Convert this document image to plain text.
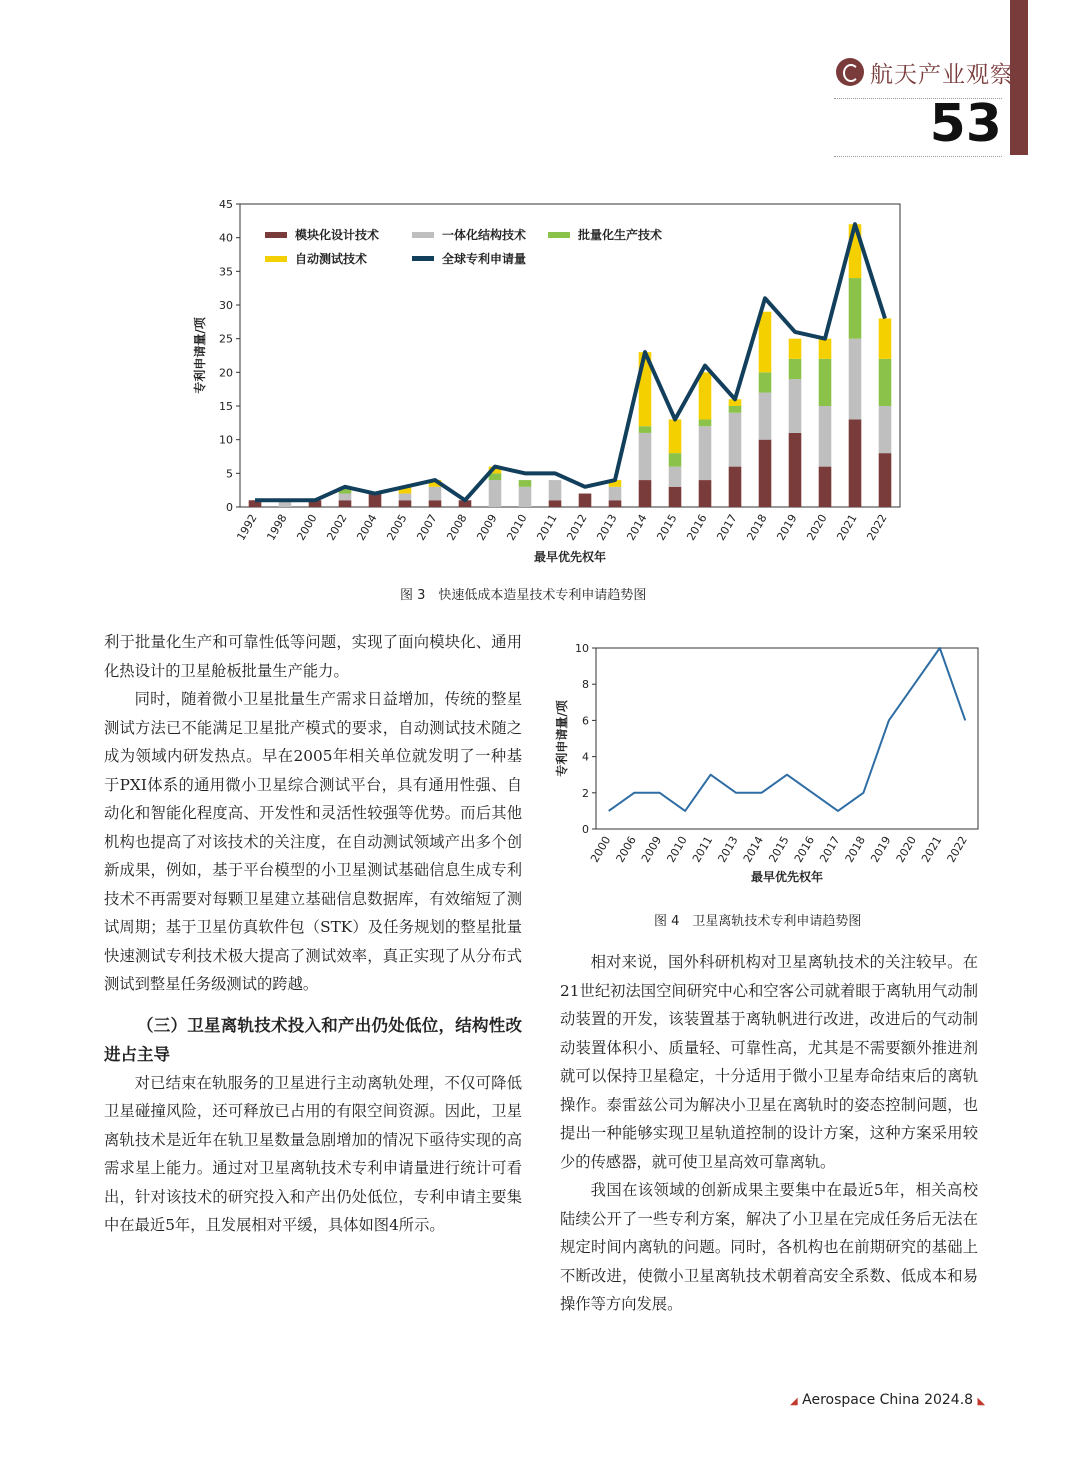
航天产业观察
53
0
5
10
15
20
25
30
35
40
45
1992 1998 2000 2002 2004 2005 2007 2008 2009 2010 2011 2012 2013 2014 2015 2016 2017 2018 2019 2020 2021 2022
最早优先权年
专利申请量/项
模块化设计技术	一体化结构技术	批量化生产技术
自动测试技术	全球专利申请量
图 3　快速低成本造星技术专利申请趋势图

利于批量化生产和可靠性低等问题，实现了面向模块化、通用化热设计的卫星舱板批量生产能力。

同时，随着微小卫星批量生产需求日益增加，传统的整星测试方法已不能满足卫星批产模式的要求，自动测试技术随之成为领域内研发热点。早在2005年相关单位就发明了一种基于PXI体系的通用微小卫星综合测试平台，具有通用性强、自动化和智能化程度高、开发性和灵活性较强等优势。而后其他机构也提高了对该技术的关注度，在自动测试领域产出多个创新成果，例如，基于平台模型的小卫星测试基础信息生成专利技术不再需要对每颗卫星建立基础信息数据库，有效缩短了测试周期；基于卫星仿真软件包（STK）及任务规划的整星批量快速测试专利技术极大提高了测试效率，真正实现了从分布式测试到整星任务级测试的跨越。

（三）卫星离轨技术投入和产出仍处低位，结构性改进占主导

对已结束在轨服务的卫星进行主动离轨处理，不仅可降低卫星碰撞风险，还可释放已占用的有限空间资源。因此，卫星离轨技术是近年在轨卫星数量急剧增加的情况下亟待实现的高需求星上能力。通过对卫星离轨技术专利申请量进行统计可看出，针对该技术的研究投入和产出仍处低位，专利申请主要集中在最近5年，且发展相对平缓，具体如图4所示。

0
2
4
6
8
10
2000 2006 2009 2010 2011 2013 2014 2015 2016 2017 2018 2019 2020 2021 2022
最早优先权年
专利申请量/项
图 4　卫星离轨技术专利申请趋势图

相对来说，国外科研机构对卫星离轨技术的关注较早。在21世纪初法国空间研究中心和空客公司就着眼于离轨用气动制动装置的开发，该装置基于离轨帆进行改进，改进后的气动制动装置体积小、质量轻、可靠性高，尤其是不需要额外推进剂就可以保持卫星稳定，十分适用于微小卫星寿命结束后的离轨操作。泰雷兹公司为解决小卫星在离轨时的姿态控制问题，也提出一种能够实现卫星轨道控制的设计方案，这种方案采用较少的传感器，就可使卫星高效可靠离轨。

我国在该领域的创新成果主要集中在最近5年，相关高校陆续公开了一些专利方案，解决了小卫星在完成任务后无法在规定时间内离轨的问题。同时，各机构也在前期研究的基础上不断改进，使微小卫星离轨技术朝着高安全系数、低成本和易操作等方向发展。

◢ Aerospace China 2024.8 ◣
